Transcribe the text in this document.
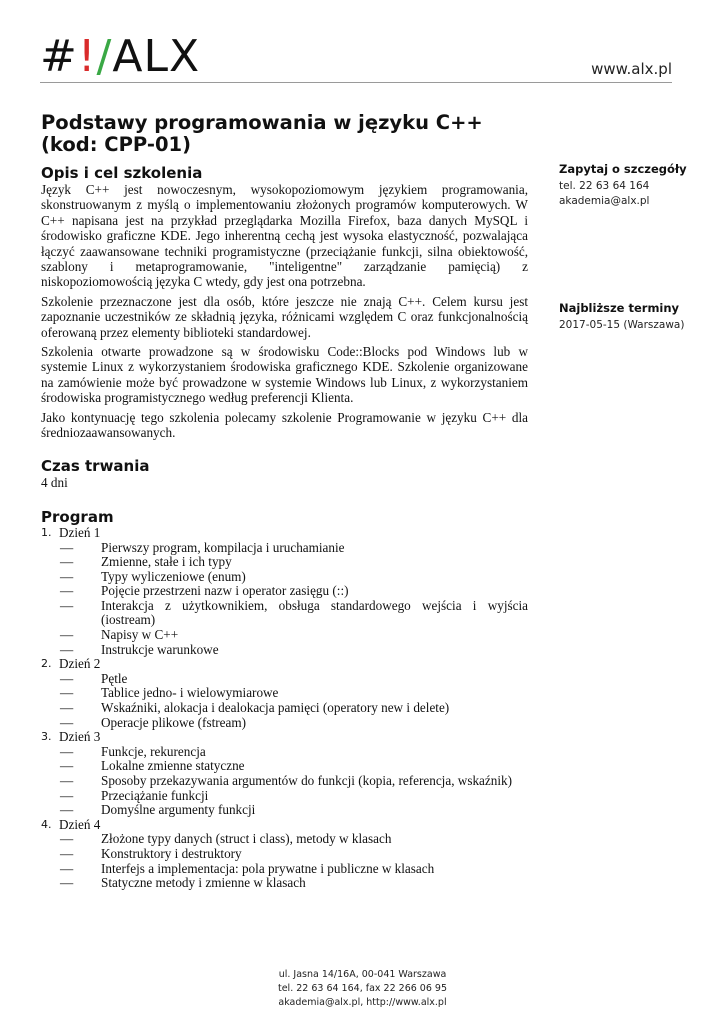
#!/ALX	www.alx.pl
Podstawy programowania w języku C++
(kod: CPP-01)
Opis i cel szkolenia

Język C++ jest nowoczesnym, wysokopoziomowym językiem programowania, skonstruowanym z myślą o implementowaniu złożonych programów komputerowych. W C++ napisana jest na przykład przeglądarka Mozilla Firefox, baza danych MySQL i środowisko graficzne KDE. Jego inherentną cechą jest wysoka elastyczność, pozwalająca łączyć zaawansowane techniki programistyczne (przeciążanie funkcji, silna obiektowość, szablony i metaprogramowanie, "inteligentne" zarządzanie pamięcią) z niskopoziomowością języka C wtedy, gdy jest ona potrzebna.

Szkolenie przeznaczone jest dla osób, które jeszcze nie znają C++. Celem kursu jest zapoznanie uczestników ze składnią języka, różnicami względem C oraz funkcjonalnością oferowaną przez elementy biblioteki standardowej.

Szkolenia otwarte prowadzone są w środowisku Code::Blocks pod Windows lub w systemie Linux z wykorzystaniem środowiska graficznego KDE. Szkolenie organizowane na zamówienie może być prowadzone w systemie Windows lub Linux, z wykorzystaniem środowiska programistycznego według preferencji Klienta.

Jako kontynuację tego szkolenia polecamy szkolenie Programowanie w języku C++ dla średniozaawansowanych.

Czas trwania

4 dni

Program
1. Dzień 1
— Pierwszy program, kompilacja i uruchamianie
— Zmienne, stałe i ich typy
— Typy wyliczeniowe (enum)
— Pojęcie przestrzeni nazw i operator zasięgu (::)
— Interakcja z użytkownikiem, obsługa standardowego wejścia i wyjścia (iostream)
— Napisy w C++
— Instrukcje warunkowe
2. Dzień 2
— Pętle
— Tablice jedno- i wielowymiarowe
— Wskaźniki, alokacja i dealokacja pamięci (operatory new i delete)
— Operacje plikowe (fstream)
3. Dzień 3
— Funkcje, rekurencja
— Lokalne zmienne statyczne
— Sposoby przekazywania argumentów do funkcji (kopia, referencja, wskaźnik)
— Przeciążanie funkcji
— Domyślne argumenty funkcji
4. Dzień 4
— Złożone typy danych (struct i class), metody w klasach
— Konstruktory i destruktory
— Interfejs a implementacja: pola prywatne i publiczne w klasach
— Statyczne metody i zmienne w klasach
Zapytaj o szczegóły
tel. 22 63 64 164
akademia@alx.pl
Najbliższe terminy
2017-05-15 (Warszawa)
ul. Jasna 14/16A, 00-041 Warszawa
tel. 22 63 64 164, fax 22 266 06 95
akademia@alx.pl, http://www.alx.pl
